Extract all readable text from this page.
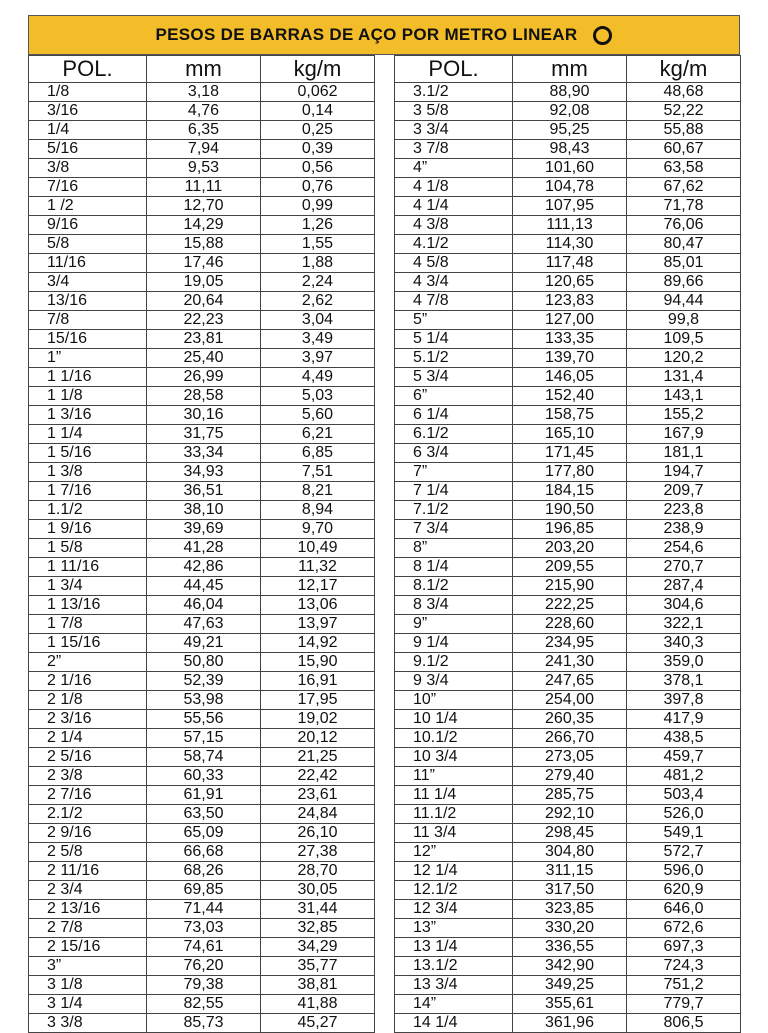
PESOS DE BARRAS DE AÇO POR METRO LINEAR
POL.	mm	kg/m
1/8	3,18	0,062
3/16	4,76	0,14
1/4	6,35	0,25
5/16	7,94	0,39
3/8	9,53	0,56
7/16	11,11	0,76
1 /2	12,70	0,99
9/16	14,29	1,26
5/8	15,88	1,55
11/16	17,46	1,88
3/4	19,05	2,24
13/16	20,64	2,62
7/8	22,23	3,04
15/16	23,81	3,49
1”	25,40	3,97
1 1/16	26,99	4,49
1 1/8	28,58	5,03
1 3/16	30,16	5,60
1 1/4	31,75	6,21
1 5/16	33,34	6,85
1 3/8	34,93	7,51
1 7/16	36,51	8,21
1.1/2	38,10	8,94
1 9/16	39,69	9,70
1 5/8	41,28	10,49
1 11/16	42,86	11,32
1 3/4	44,45	12,17
1 13/16	46,04	13,06
1 7/8	47,63	13,97
1 15/16	49,21	14,92
2”	50,80	15,90
2 1/16	52,39	16,91
2 1/8	53,98	17,95
2 3/16	55,56	19,02
2 1/4	57,15	20,12
2 5/16	58,74	21,25
2 3/8	60,33	22,42
2 7/16	61,91	23,61
2.1/2	63,50	24,84
2 9/16	65,09	26,10
2 5/8	66,68	27,38
2 11/16	68,26	28,70
2 3/4	69,85	30,05
2 13/16	71,44	31,44
2 7/8	73,03	32,85
2 15/16	74,61	34,29
3”	76,20	35,77
3 1/8	79,38	38,81
3 1/4	82,55	41,88
3 3/8	85,73	45,27
POL.	mm	kg/m
3.1/2	88,90	48,68
3 5/8	92,08	52,22
3 3/4	95,25	55,88
3 7/8	98,43	60,67
4”	101,60	63,58
4 1/8	104,78	67,62
4 1/4	107,95	71,78
4 3/8	111,13	76,06
4.1/2	114,30	80,47
4 5/8	117,48	85,01
4 3/4	120,65	89,66
4 7/8	123,83	94,44
5”	127,00	99,8
5 1/4	133,35	109,5
5.1/2	139,70	120,2
5 3/4	146,05	131,4
6”	152,40	143,1
6 1/4	158,75	155,2
6.1/2	165,10	167,9
6 3/4	171,45	181,1
7”	177,80	194,7
7 1/4	184,15	209,7
7.1/2	190,50	223,8
7 3/4	196,85	238,9
8”	203,20	254,6
8 1/4	209,55	270,7
8.1/2	215,90	287,4
8 3/4	222,25	304,6
9”	228,60	322,1
9 1/4	234,95	340,3
9.1/2	241,30	359,0
9 3/4	247,65	378,1
10”	254,00	397,8
10 1/4	260,35	417,9
10.1/2	266,70	438,5
10 3/4	273,05	459,7
11”	279,40	481,2
11 1/4	285,75	503,4
11.1/2	292,10	526,0
11 3/4	298,45	549,1
12”	304,80	572,7
12 1/4	311,15	596,0
12.1/2	317,50	620,9
12 3/4	323,85	646,0
13”	330,20	672,6
13 1/4	336,55	697,3
13.1/2	342,90	724,3
13 3/4	349,25	751,2
14”	355,61	779,7
14 1/4	361,96	806,5
